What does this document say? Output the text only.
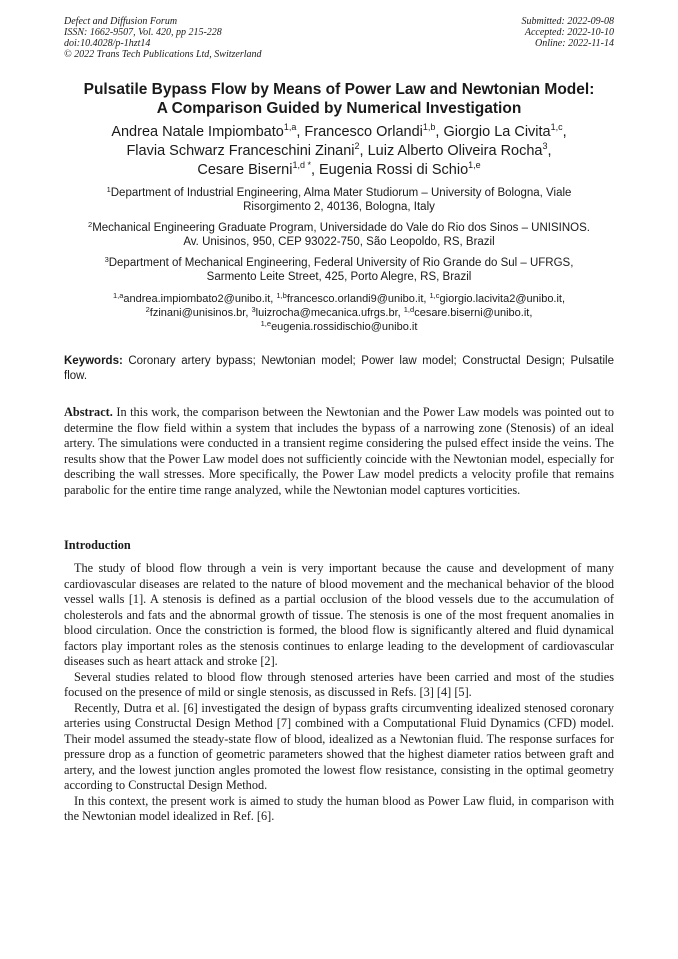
Defect and Diffusion Forum
ISSN: 1662-9507, Vol. 420, pp 215-228
doi:10.4028/p-1hzt14
© 2022 Trans Tech Publications Ltd, Switzerland
Submitted: 2022-09-08
Accepted: 2022-10-10
Online: 2022-11-14
Pulsatile Bypass Flow by Means of Power Law and Newtonian Model:
A Comparison Guided by Numerical Investigation
Andrea Natale Impiombato$^{1,a}$, Francesco Orlandi$^{1,b}$, Giorgio La Civita$^{1,c}$,
Flavia Schwarz Franceschini Zinani$^2$, Luiz Alberto Oliveira Rocha$^3$,
Cesare Biserni$^{1,d *}$, Eugenia Rossi di Schio$^{1,e}$
$^1$Department of Industrial Engineering, Alma Mater Studiorum – University of Bologna, Viale
Risorgimento 2, 40136, Bologna, Italy
$^2$Mechanical Engineering Graduate Program, Universidade do Vale do Rio dos Sinos – UNISINOS.
Av. Unisinos, 950, CEP 93022-750, São Leopoldo, RS, Brazil
$^3$Department of Mechanical Engineering, Federal University of Rio Grande do Sul – UFRGS,
Sarmento Leite Street, 425, Porto Alegre, RS, Brazil
$^{1,a}$andrea.impiombato2@unibo.it, $^{1,b}$francesco.orlandi9@unibo.it, $^{1,c}$giorgio.lacivita2@unibo.it,
$^2$fzinani@unisinos.br, $^3$luizrocha@mecanica.ufrgs.br, $^{1,d}$cesare.biserni@unibo.it,
$^{1,e}$eugenia.rossidischio@unibo.it
Keywords: Coronary artery bypass; Newtonian model; Power law model; Constructal Design; Pulsatile flow.
Abstract. In this work, the comparison between the Newtonian and the Power Law models was pointed out to determine the flow field within a system that includes the bypass of a narrowing zone (Stenosis) of an ideal artery. The simulations were conducted in a transient regime considering the pulsed effect inside the veins. The results show that the Power Law model does not sufficiently coincide with the Newtonian model, especially for describing the wall stresses. More specifically, the Power Law model predicts a velocity profile that remains parabolic for the entire time range analyzed, while the Newtonian model captures vorticities.
Introduction

The study of blood flow through a vein is very important because the cause and development of many cardiovascular diseases are related to the nature of blood movement and the mechanical behavior of the blood vessel walls [1]. A stenosis is defined as a partial occlusion of the blood vessels due to the accumulation of cholesterols and fats and the abnormal growth of tissue. The stenosis is one of the most frequent anomalies in blood circulation. Once the constriction is formed, the blood flow is significantly altered and fluid dynamical factors play important roles as the stenosis continues to enlarge leading to the development of cardiovascular diseases such as heart attack and stroke [2].

Several studies related to blood flow through stenosed arteries have been carried and most of the studies focused on the presence of mild or single stenosis, as discussed in Refs. [3] [4] [5].

Recently, Dutra et al. [6] investigated the design of bypass grafts circumventing idealized stenosed coronary arteries using Constructal Design Method [7] combined with a Computational Fluid Dynamics (CFD) model. Their model assumed the steady-state flow of blood, idealized as a Newtonian fluid. The response surfaces for pressure drop as a function of geometric parameters showed that the highest diameter ratios between graft and artery, and the lowest junction angles promoted the lowest flow resistance, consisting in the optimal geometry according to Constructal Design Method.

In this context, the present work is aimed to study the human blood as Power Law fluid, in comparison with the Newtonian model idealized in Ref. [6].
